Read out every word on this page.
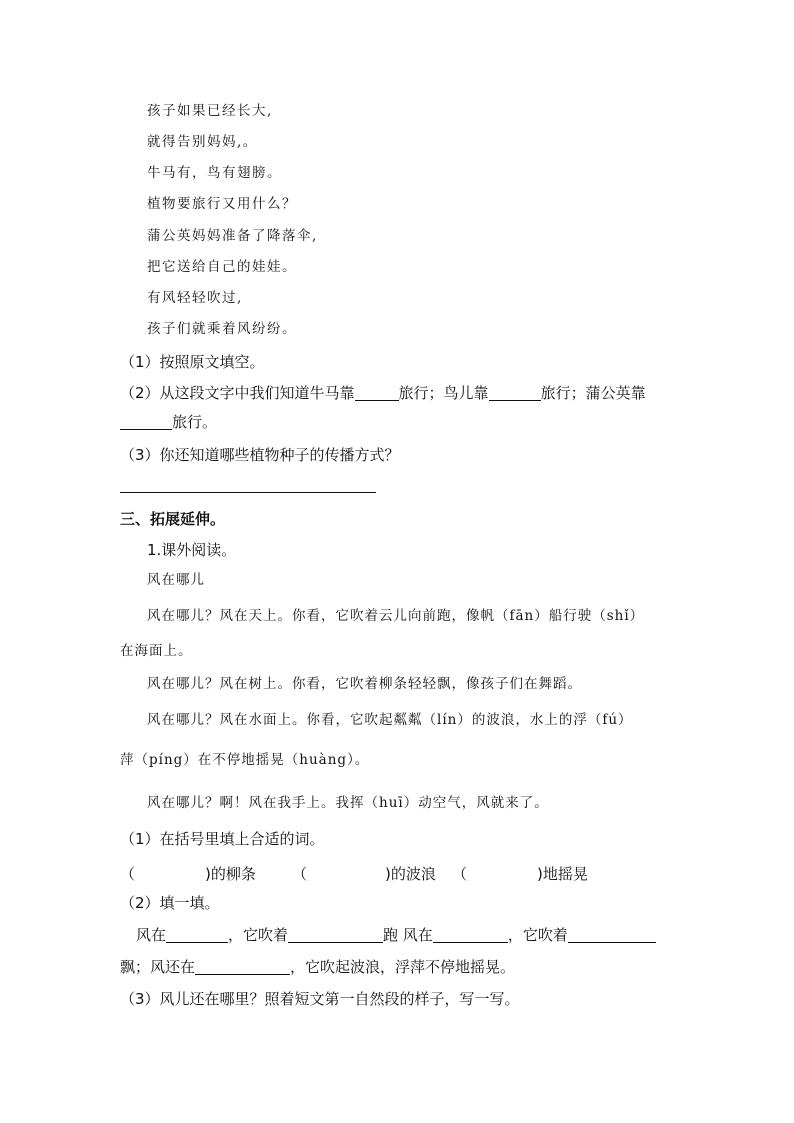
孩子如果已经长大,
就得告别妈妈,。
牛马有，鸟有翅膀。
植物要旅行又用什么？
蒲公英妈妈准备了降落伞,
把它送给自己的娃娃。
有风轻轻吹过,
孩子们就乘着风纷纷。
（1）按照原文填空。
（2）从这段文字中我们知道牛马靠	旅行；鸟儿靠	旅行；蒲公英靠
旅行。
（3）你还知道哪些植物种子的传播方式？
三、拓展延伸。
1.课外阅读。
风在哪儿
风在哪儿？风在天上。你看，它吹着云儿向前跑，像帆（fān）船行驶（shǐ）
在海面上。
风在哪儿？风在树上。你看，它吹着柳条轻轻飘，像孩子们在舞蹈。
风在哪儿？风在水面上。你看，它吹起粼粼（lín）的波浪，水上的浮（fú）
萍（píng）在不停地摇晃（huàng）。
风在哪儿？啊！风在我手上。我挥（huī）动空气，风就来了。
（1）在括号里填上合适的词。
（	)的柳条 （	)的波浪 （	)地摇晃
（2）填一填。
风在	，它吹着	跑 风在	，它吹着
飘；风还在	，它吹起波浪，浮萍不停地摇晃。
（3）风儿还在哪里？照着短文第一自然段的样子，写一写。
